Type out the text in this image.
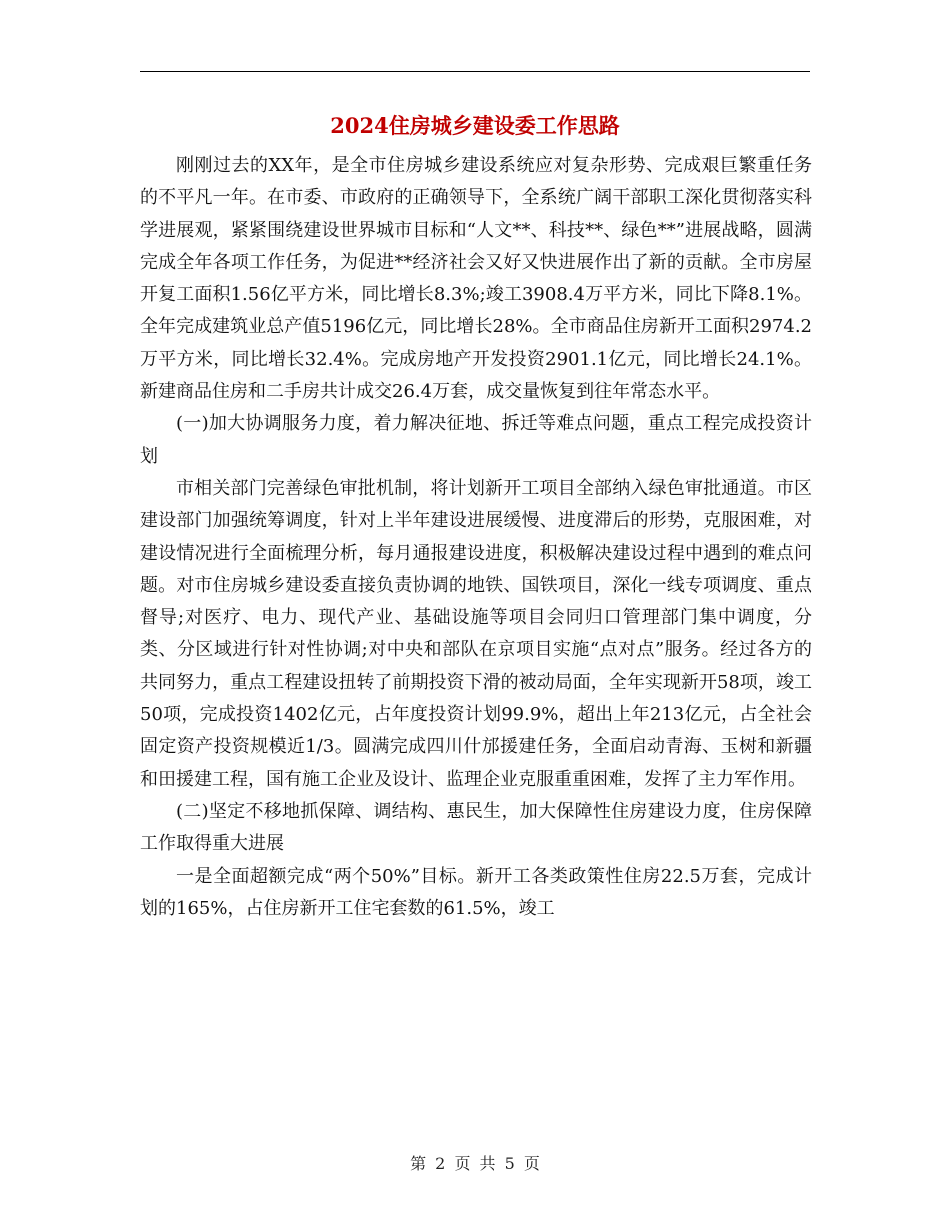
2024住房城乡建设委工作思路

刚刚过去的XX年，是全市住房城乡建设系统应对复杂形势、完成艰巨繁重任务的不平凡一年。在市委、市政府的正确领导下，全系统广阔干部职工深化贯彻落实科学进展观，紧紧围绕建设世界城市目标和“人文**、科技**、绿色**”进展战略，圆满完成全年各项工作任务，为促进**经济社会又好又快进展作出了新的贡献。全市房屋开复工面积1.56亿平方米，同比增长8.3%;竣工3908.4万平方米，同比下降8.1%。全年完成建筑业总产值5196亿元，同比增长28%。全市商品住房新开工面积2974.2万平方米，同比增长32.4%。完成房地产开发投资2901.1亿元，同比增长24.1%。新建商品住房和二手房共计成交26.4万套，成交量恢复到往年常态水平。

(一)加大协调服务力度，着力解决征地、拆迁等难点问题，重点工程完成投资计划

市相关部门完善绿色审批机制，将计划新开工项目全部纳入绿色审批通道。市区建设部门加强统筹调度，针对上半年建设进展缓慢、进度滞后的形势，克服困难，对建设情况进行全面梳理分析，每月通报建设进度，积极解决建设过程中遇到的难点问题。对市住房城乡建设委直接负责协调的地铁、国铁项目，深化一线专项调度、重点督导;对医疗、电力、现代产业、基础设施等项目会同归口管理部门集中调度，分类、分区域进行针对性协调;对中央和部队在京项目实施“点对点”服务。经过各方的共同努力，重点工程建设扭转了前期投资下滑的被动局面，全年实现新开58项，竣工50项，完成投资1402亿元，占年度投资计划99.9%，超出上年213亿元，占全社会固定资产投资规模近1/3。圆满完成四川什邡援建任务，全面启动青海、玉树和新疆和田援建工程，国有施工企业及设计、监理企业克服重重困难，发挥了主力军作用。

(二)坚定不移地抓保障、调结构、惠民生，加大保障性住房建设力度，住房保障工作取得重大进展

一是全面超额完成“两个50%”目标。新开工各类政策性住房22.5万套，完成计划的165%，占住房新开工住宅套数的61.5%，竣工

第 2 页 共 5 页
